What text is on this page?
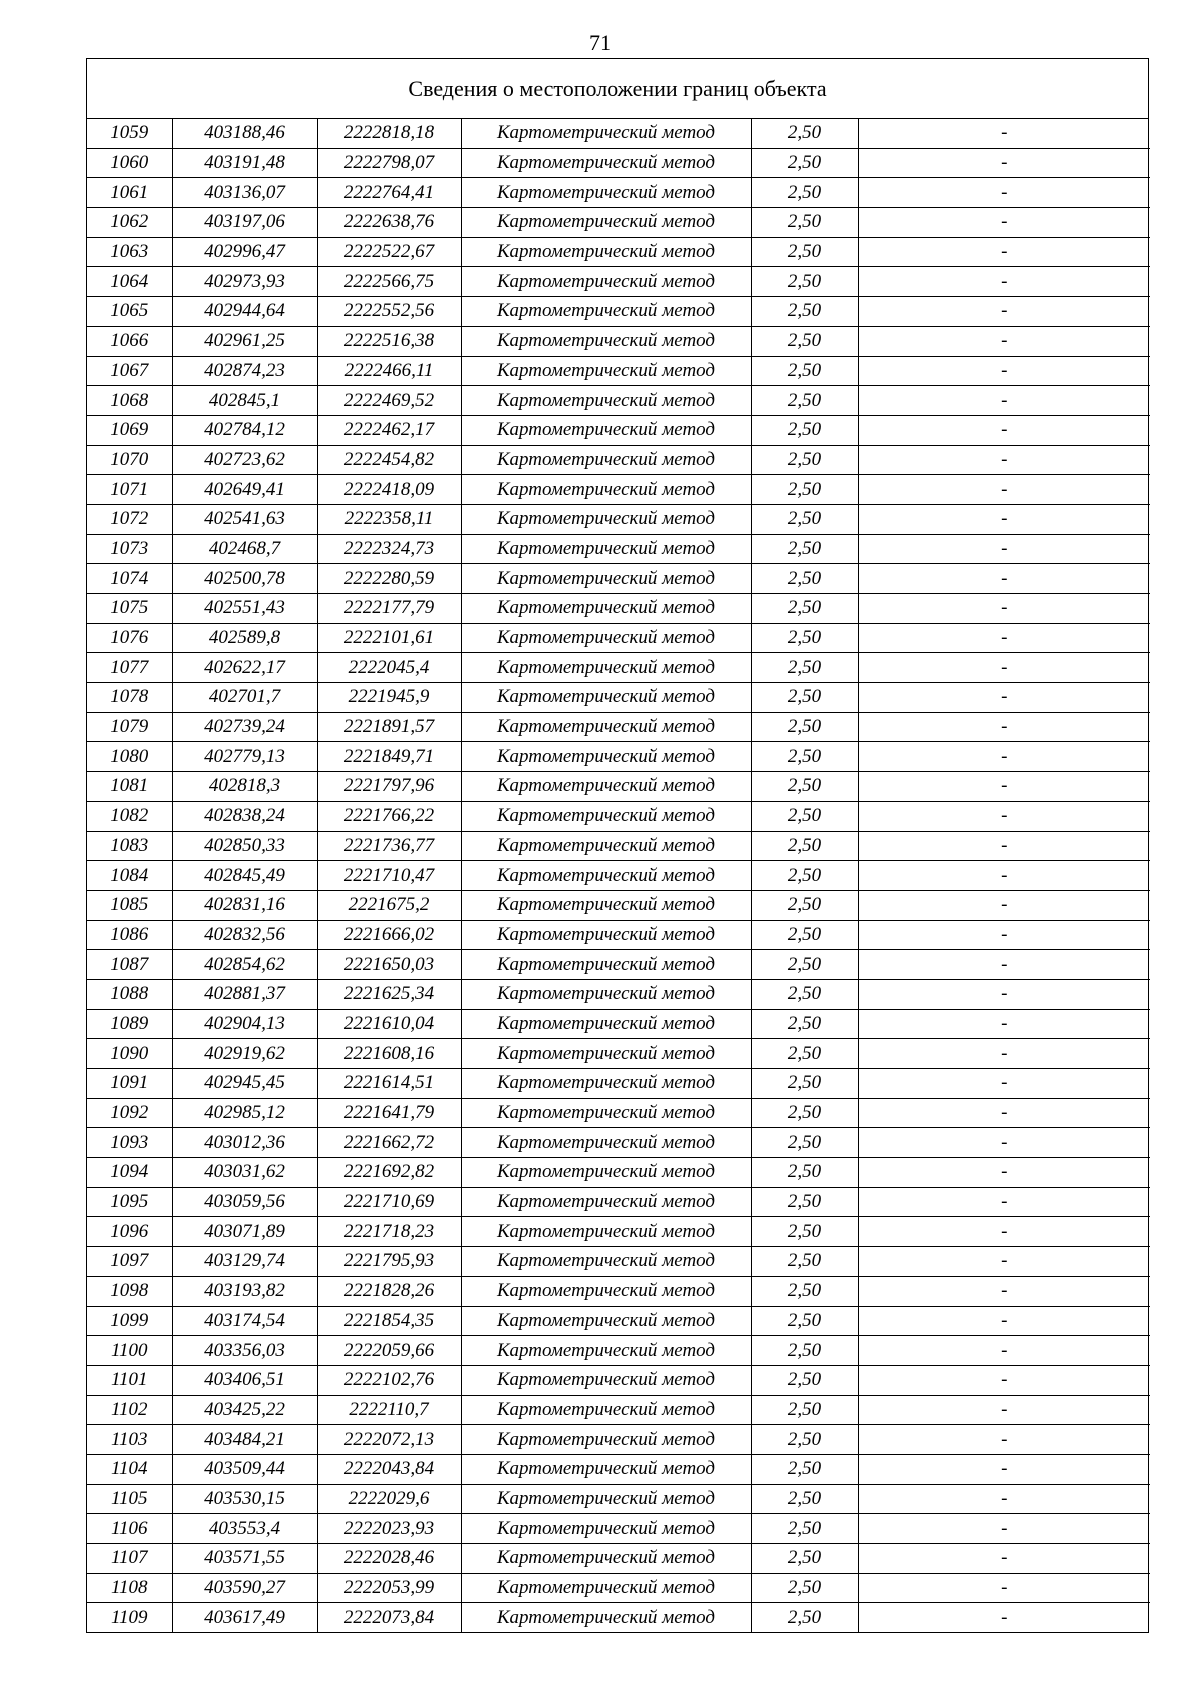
71
Сведения о местоположении границ объекта
1059	403188,46	2222818,18	Картометрический метод	2,50	-
1060	403191,48	2222798,07	Картометрический метод	2,50	-
1061	403136,07	2222764,41	Картометрический метод	2,50	-
1062	403197,06	2222638,76	Картометрический метод	2,50	-
1063	402996,47	2222522,67	Картометрический метод	2,50	-
1064	402973,93	2222566,75	Картометрический метод	2,50	-
1065	402944,64	2222552,56	Картометрический метод	2,50	-
1066	402961,25	2222516,38	Картометрический метод	2,50	-
1067	402874,23	2222466,11	Картометрический метод	2,50	-
1068	402845,1	2222469,52	Картометрический метод	2,50	-
1069	402784,12	2222462,17	Картометрический метод	2,50	-
1070	402723,62	2222454,82	Картометрический метод	2,50	-
1071	402649,41	2222418,09	Картометрический метод	2,50	-
1072	402541,63	2222358,11	Картометрический метод	2,50	-
1073	402468,7	2222324,73	Картометрический метод	2,50	-
1074	402500,78	2222280,59	Картометрический метод	2,50	-
1075	402551,43	2222177,79	Картометрический метод	2,50	-
1076	402589,8	2222101,61	Картометрический метод	2,50	-
1077	402622,17	2222045,4	Картометрический метод	2,50	-
1078	402701,7	2221945,9	Картометрический метод	2,50	-
1079	402739,24	2221891,57	Картометрический метод	2,50	-
1080	402779,13	2221849,71	Картометрический метод	2,50	-
1081	402818,3	2221797,96	Картометрический метод	2,50	-
1082	402838,24	2221766,22	Картометрический метод	2,50	-
1083	402850,33	2221736,77	Картометрический метод	2,50	-
1084	402845,49	2221710,47	Картометрический метод	2,50	-
1085	402831,16	2221675,2	Картометрический метод	2,50	-
1086	402832,56	2221666,02	Картометрический метод	2,50	-
1087	402854,62	2221650,03	Картометрический метод	2,50	-
1088	402881,37	2221625,34	Картометрический метод	2,50	-
1089	402904,13	2221610,04	Картометрический метод	2,50	-
1090	402919,62	2221608,16	Картометрический метод	2,50	-
1091	402945,45	2221614,51	Картометрический метод	2,50	-
1092	402985,12	2221641,79	Картометрический метод	2,50	-
1093	403012,36	2221662,72	Картометрический метод	2,50	-
1094	403031,62	2221692,82	Картометрический метод	2,50	-
1095	403059,56	2221710,69	Картометрический метод	2,50	-
1096	403071,89	2221718,23	Картометрический метод	2,50	-
1097	403129,74	2221795,93	Картометрический метод	2,50	-
1098	403193,82	2221828,26	Картометрический метод	2,50	-
1099	403174,54	2221854,35	Картометрический метод	2,50	-
1100	403356,03	2222059,66	Картометрический метод	2,50	-
1101	403406,51	2222102,76	Картометрический метод	2,50	-
1102	403425,22	2222110,7	Картометрический метод	2,50	-
1103	403484,21	2222072,13	Картометрический метод	2,50	-
1104	403509,44	2222043,84	Картометрический метод	2,50	-
1105	403530,15	2222029,6	Картометрический метод	2,50	-
1106	403553,4	2222023,93	Картометрический метод	2,50	-
1107	403571,55	2222028,46	Картометрический метод	2,50	-
1108	403590,27	2222053,99	Картометрический метод	2,50	-
1109	403617,49	2222073,84	Картометрический метод	2,50	-
